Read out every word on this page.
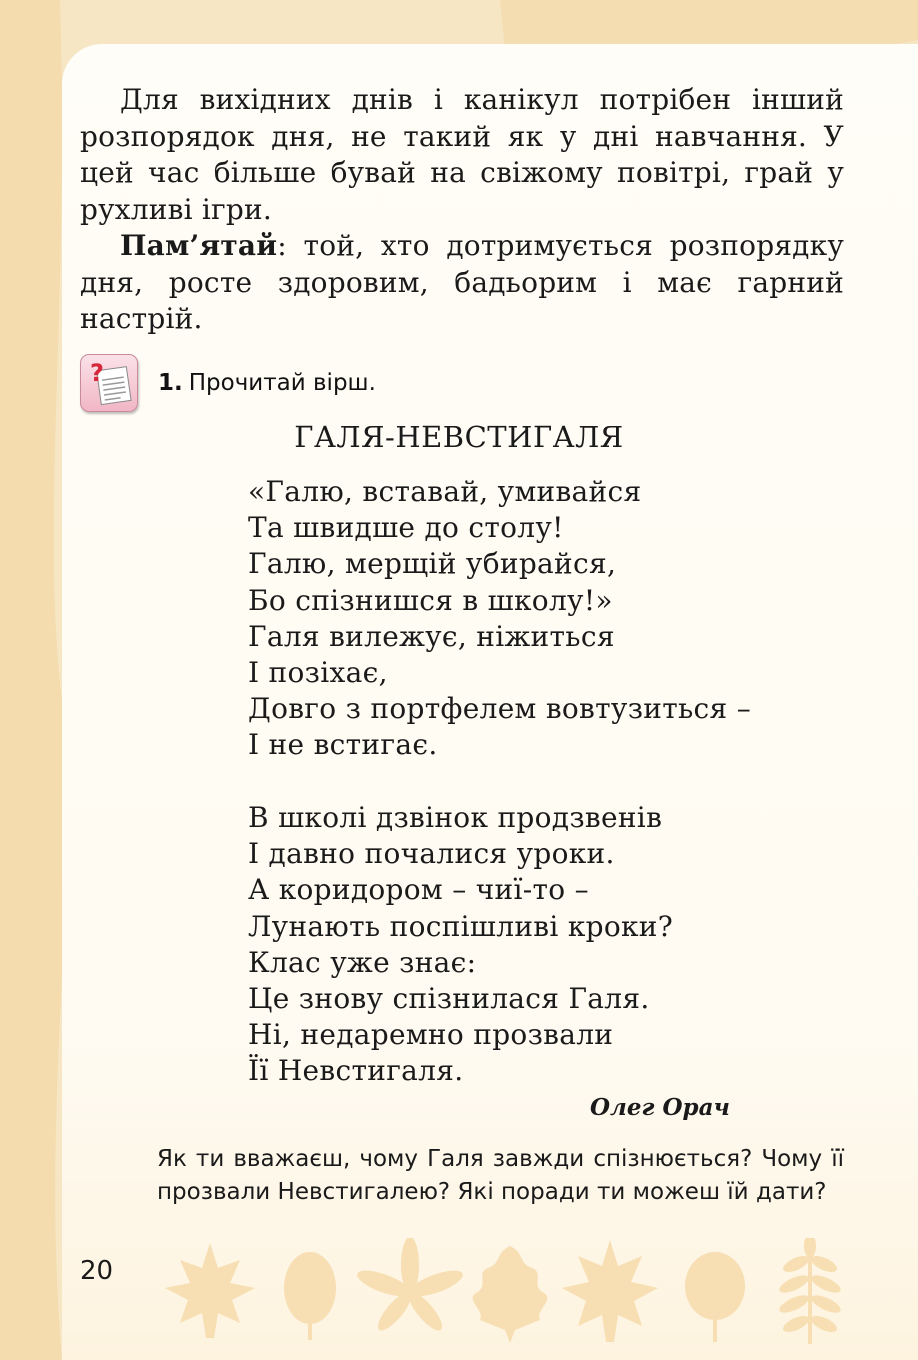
Для вихідних днів і канікул потрібен інший розпорядок дня, не такий як у дні навчання. У цей час більше бувай на свіжому повітрі, грай у рухливі ігри.

Пам’ятай: той, хто дотримується розпорядку дня, росте здоровим, бадьорим і має гарний настрій.

? 1. Прочитай вірш.
ГАЛЯ-НЕВСТИГАЛЯ
«Галю, вставай, умивайся
Та швидше до столу!
Галю, мерщій убирайся,
Бо спізнишся в школу!»
Галя вилежує, ніжиться
І позіхає,
Довго з портфелем вовтузиться –
І не встигає.
В школі дзвінок продзвенів
І давно почалися уроки.
А коридором – чиї-то –
Лунають поспішливі кроки?
Клас уже знає:
Це знову спізнилася Галя.
Ні, недаремно прозвали
Її Невстигаля.
Олег Орач

Як ти вважаєш, чому Галя завжди спізнюється? Чому її прозвали Невстигалею? Які поради ти можеш їй дати?

20
